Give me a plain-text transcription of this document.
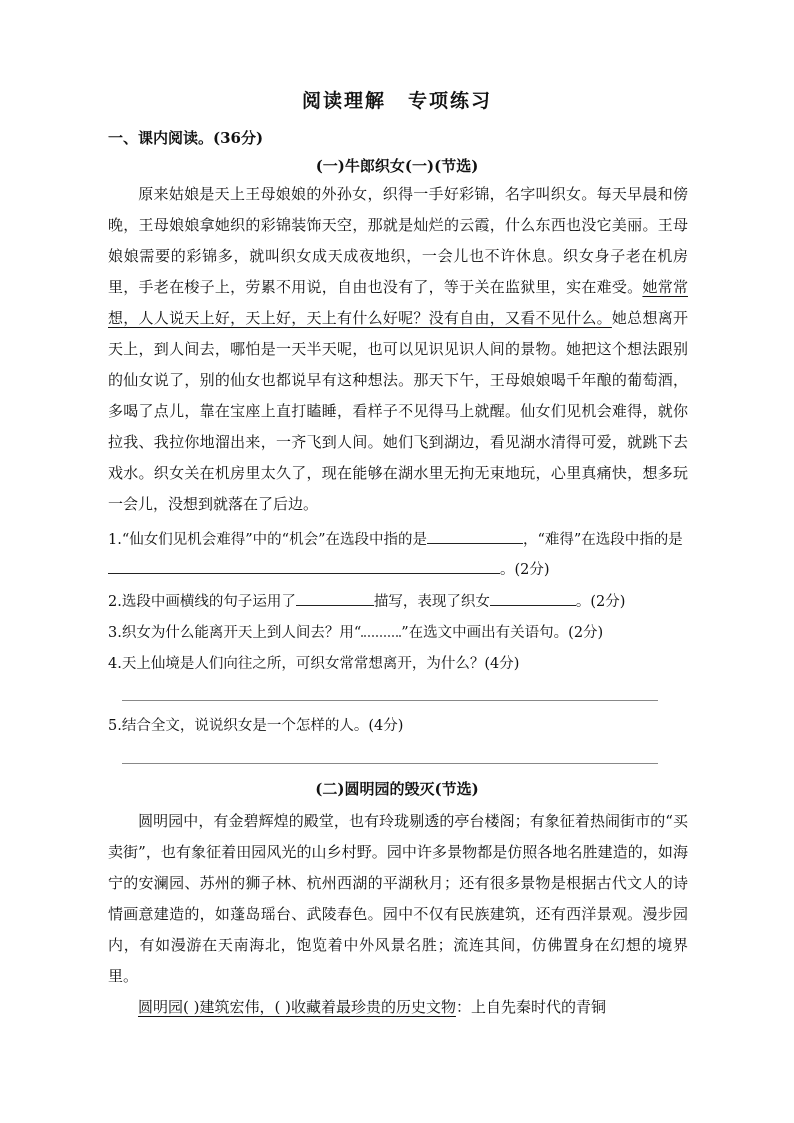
阅读理解 专项练习
一、课内阅读。(36分)
(一)牛郎织女(一)(节选)

原来姑娘是天上王母娘娘的外孙女，织得一手好彩锦，名字叫织女。每天早晨和傍晚，王母娘娘拿她织的彩锦装饰天空，那就是灿烂的云霞，什么东西也没它美丽。王母娘娘需要的彩锦多，就叫织女成天成夜地织，一会儿也不许休息。织女身子老在机房里，手老在梭子上，劳累不用说，自由也没有了，等于关在监狱里，实在难受。她常常想，人人说天上好，天上好，天上有什么好呢？没有自由，又看不见什么。她总想离开天上，到人间去，哪怕是一天半天呢，也可以见识见识人间的景物。她把这个想法跟别的仙女说了，别的仙女也都说早有这种想法。那天下午，王母娘娘喝千年酿的葡萄酒，多喝了点儿，靠在宝座上直打瞌睡，看样子不见得马上就醒。仙女们见机会难得，就你拉我、我拉你地溜出来，一齐飞到人间。她们飞到湖边，看见湖水清得可爱，就跳下去戏水。织女关在机房里太久了，现在能够在湖水里无拘无束地玩，心里真痛快，想多玩一会儿，没想到就落在了后边。

1.“仙女们见机会难得”中的“机会”在选段中指的是	，“难得”在选段中指的是。(2分)

2.选段中画横线的句子运用了	描写，表现了织女	。(2分)

3.织女为什么能离开天上到人间去？用“	”在选文中画出有关语句。(2分)

4.天上仙境是人们向往之所，可织女常常想离开，为什么？(4分)

5.结合全文，说说织女是一个怎样的人。(4分)

(二)圆明园的毁灭(节选)

圆明园中，有金碧辉煌的殿堂，也有玲珑剔透的亭台楼阁；有象征着热闹街市的“买卖街”，也有象征着田园风光的山乡村野。园中许多景物都是仿照各地名胜建造的，如海宁的安澜园、苏州的狮子林、杭州西湖的平湖秋月；还有很多景物是根据古代文人的诗情画意建造的，如蓬岛瑶台、武陵春色。园中不仅有民族建筑，还有西洋景观。漫步园内，有如漫游在天南海北，饱览着中外风景名胜；流连其间，仿佛置身在幻想的境界里。

圆明园( )建筑宏伟，( )收藏着最珍贵的历史文物：上自先秦时代的青铜
